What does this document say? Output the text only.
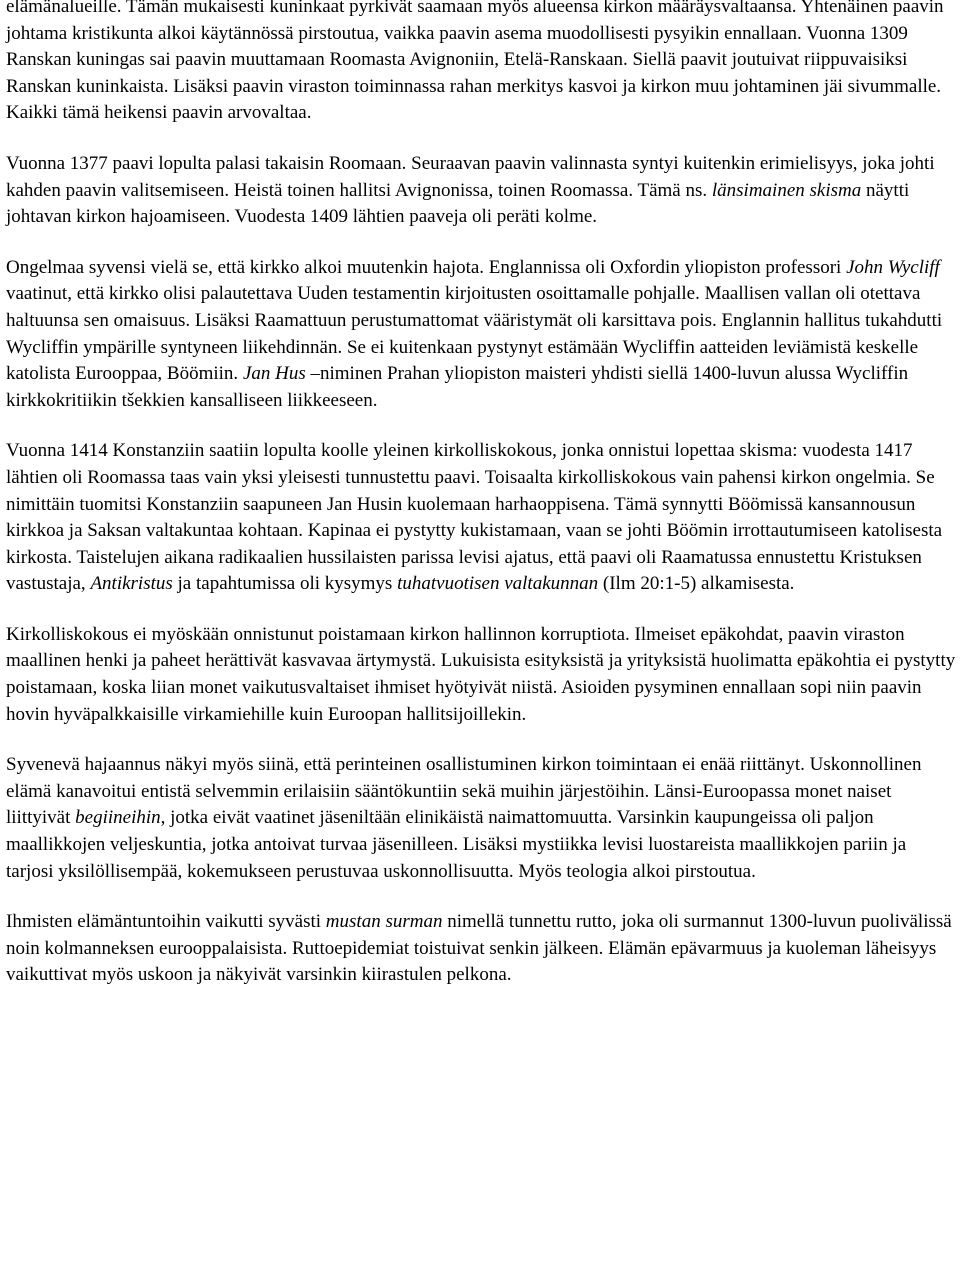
elämänalueille. Tämän mukaisesti kuninkaat pyrkivät saamaan myös alueensa kirkon määräysvaltaansa. Yhtenäinen paavin johtama kristikunta alkoi käytännössä pirstoutua, vaikka paavin asema muodollisesti pysyikin ennallaan. Vuonna 1309 Ranskan kuningas sai paavin muuttamaan Roomasta Avignoniin, Etelä-Ranskaan. Siellä paavit joutuivat riippuvaisiksi Ranskan kuninkaista. Lisäksi paavin viraston toiminnassa rahan merkitys kasvoi ja kirkon muu johtaminen jäi sivummalle. Kaikki tämä heikensi paavin arvovaltaa.

Vuonna 1377 paavi lopulta palasi takaisin Roomaan. Seuraavan paavin valinnasta syntyi kuitenkin erimielisyys, joka johti kahden paavin valitsemiseen. Heistä toinen hallitsi Avignonissa, toinen Roomassa. Tämä ns. länsimainen skisma näytti johtavan kirkon hajoamiseen. Vuodesta 1409 lähtien paaveja oli peräti kolme.

Ongelmaa syvensi vielä se, että kirkko alkoi muutenkin hajota. Englannissa oli Oxfordin yliopiston professori John Wycliff vaatinut, että kirkko olisi palautettava Uuden testamentin kirjoitusten osoittamalle pohjalle. Maallisen vallan oli otettava haltuunsa sen omaisuus. Lisäksi Raamattuun perustumattomat vääristymät oli karsittava pois. Englannin hallitus tukahdutti Wycliffin ympärille syntyneen liikehdinnän. Se ei kuitenkaan pystynyt estämään Wycliffin aatteiden leviämistä keskelle katolista Eurooppaa, Böömiin. Jan Hus –niminen Prahan yliopiston maisteri yhdisti siellä 1400-luvun alussa Wycliffin kirkkokritiikin tšekkien kansalliseen liikkeeseen.

Vuonna 1414 Konstanziin saatiin lopulta koolle yleinen kirkolliskokous, jonka onnistui lopettaa skisma: vuodesta 1417 lähtien oli Roomassa taas vain yksi yleisesti tunnustettu paavi. Toisaalta kirkolliskokous vain pahensi kirkon ongelmia. Se nimittäin tuomitsi Konstanziin saapuneen Jan Husin kuolemaan harhaoppisena. Tämä synnytti Böömissä kansannousun kirkkoa ja Saksan valtakuntaa kohtaan. Kapinaa ei pystytty kukistamaan, vaan se johti Böömin irrottautumiseen katolisesta kirkosta. Taistelujen aikana radikaalien hussilaisten parissa levisi ajatus, että paavi oli Raamatussa ennustettu Kristuksen vastustaja, Antikristus ja tapahtumissa oli kysymys tuhatvuotisen valtakunnan (Ilm 20:1-5) alkamisesta.

Kirkolliskokous ei myöskään onnistunut poistamaan kirkon hallinnon korruptiota. Ilmeiset epäkohdat, paavin viraston maallinen henki ja paheet herättivät kasvavaa ärtymystä. Lukuisista esityksistä ja yrityksistä huolimatta epäkohtia ei pystytty poistamaan, koska liian monet vaikutusvaltaiset ihmiset hyötyivät niistä. Asioiden pysyminen ennallaan sopi niin paavin hovin hyväpalkkaisille virkamiehille kuin Euroopan hallitsijoillekin.

Syvenevä hajaannus näkyi myös siinä, että perinteinen osallistuminen kirkon toimintaan ei enää riittänyt. Uskonnollinen elämä kanavoitui entistä selvemmin erilaisiin sääntökuntiin sekä muihin järjestöihin. Länsi-Euroopassa monet naiset liittyivät begiineihin, jotka eivät vaatinet jäseniltään elinikäistä naimattomuutta. Varsinkin kaupungeissa oli paljon maallikkojen veljeskuntia, jotka antoivat turvaa jäsenilleen. Lisäksi mystiikka levisi luostareista maallikkojen pariin ja tarjosi yksilöllisempää, kokemukseen perustuvaa uskonnollisuutta. Myös teologia alkoi pirstoutua.

Ihmisten elämäntuntoihin vaikutti syvästi mustan surman nimellä tunnettu rutto, joka oli surmannut 1300-luvun puolivälissä noin kolmanneksen eurooppalaisista. Ruttoepidemiat toistuivat senkin jälkeen. Elämän epävarmuus ja kuoleman läheisyys vaikuttivat myös uskoon ja näkyivät varsinkin kiirastulen pelkona.
